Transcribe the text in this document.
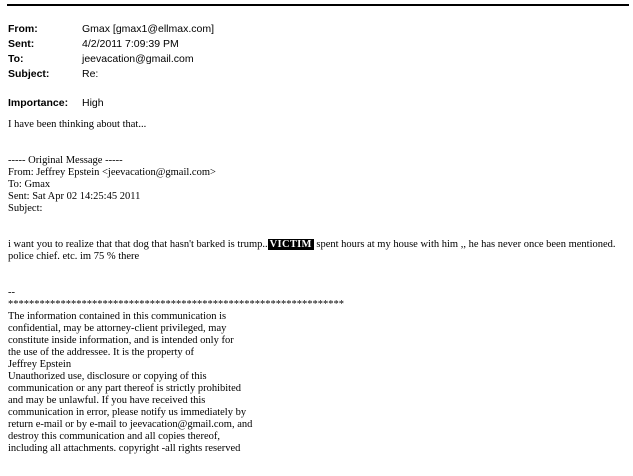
From:	Gmax [gmax1@ellmax.com]
Sent:	4/2/2011 7:09:39 PM
To:	jeevacation@gmail.com
Subject:	Re:
Importance:	High

I have been thinking about that...

----- Original Message -----

From: Jeffrey Epstein <jeevacation@gmail.com>

To: Gmax

Sent: Sat Apr 02 14:25:45 2011

Subject:

i want you to realize that that dog that hasn't barked is trump.. VICTIM spent hours at my house with him ,, he has never once been mentioned. police chief. etc. im 75 % there

--

****************************************************************

The information contained in this communication is

confidential, may be attorney-client privileged, may

constitute inside information, and is intended only for

the use of the addressee. It is the property of

Jeffrey Epstein

Unauthorized use, disclosure or copying of this

communication or any part thereof is strictly prohibited

and may be unlawful. If you have received this

communication in error, please notify us immediately by

return e-mail or by e-mail to jeevacation@gmail.com, and

destroy this communication and all copies thereof,

including all attachments. copyright -all rights reserved
